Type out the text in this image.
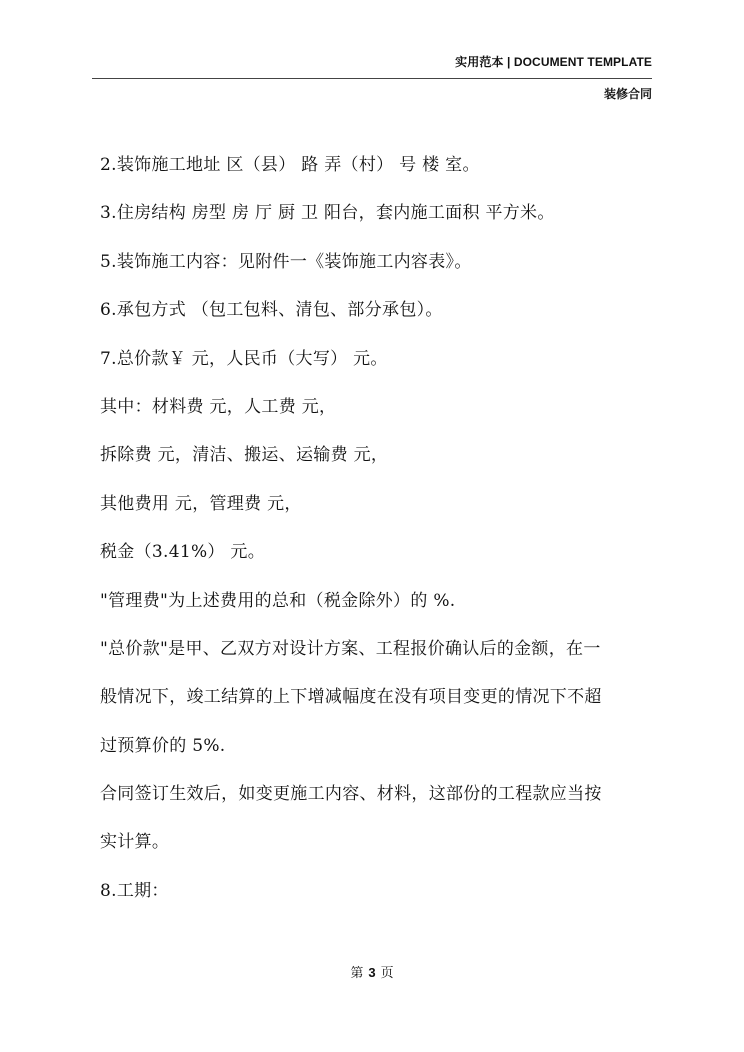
实用范本 | DOCUMENT TEMPLATE
装修合同
2.装饰施工地址 区（县） 路 弄（村） 号 楼 室。
3.住房结构 房型 房 厅 厨 卫 阳台，套内施工面积 平方米。
5.装饰施工内容：见附件一《装饰施工内容表》。
6.承包方式 （包工包料、清包、部分承包）。
7.总价款￥ 元，人民币（大写） 元。
其中：材料费 元，人工费 元，
拆除费 元，清洁、搬运、运输费 元，
其他费用 元，管理费 元，
税金（3.41%） 元。
"管理费"为上述费用的总和（税金除外）的 %.
"总价款"是甲、乙双方对设计方案、工程报价确认后的金额，在一
般情况下，竣工结算的上下增减幅度在没有项目变更的情况下不超
过预算价的 5%.
合同签订生效后，如变更施工内容、材料，这部份的工程款应当按
实计算。
8.工期：
第 3 页
